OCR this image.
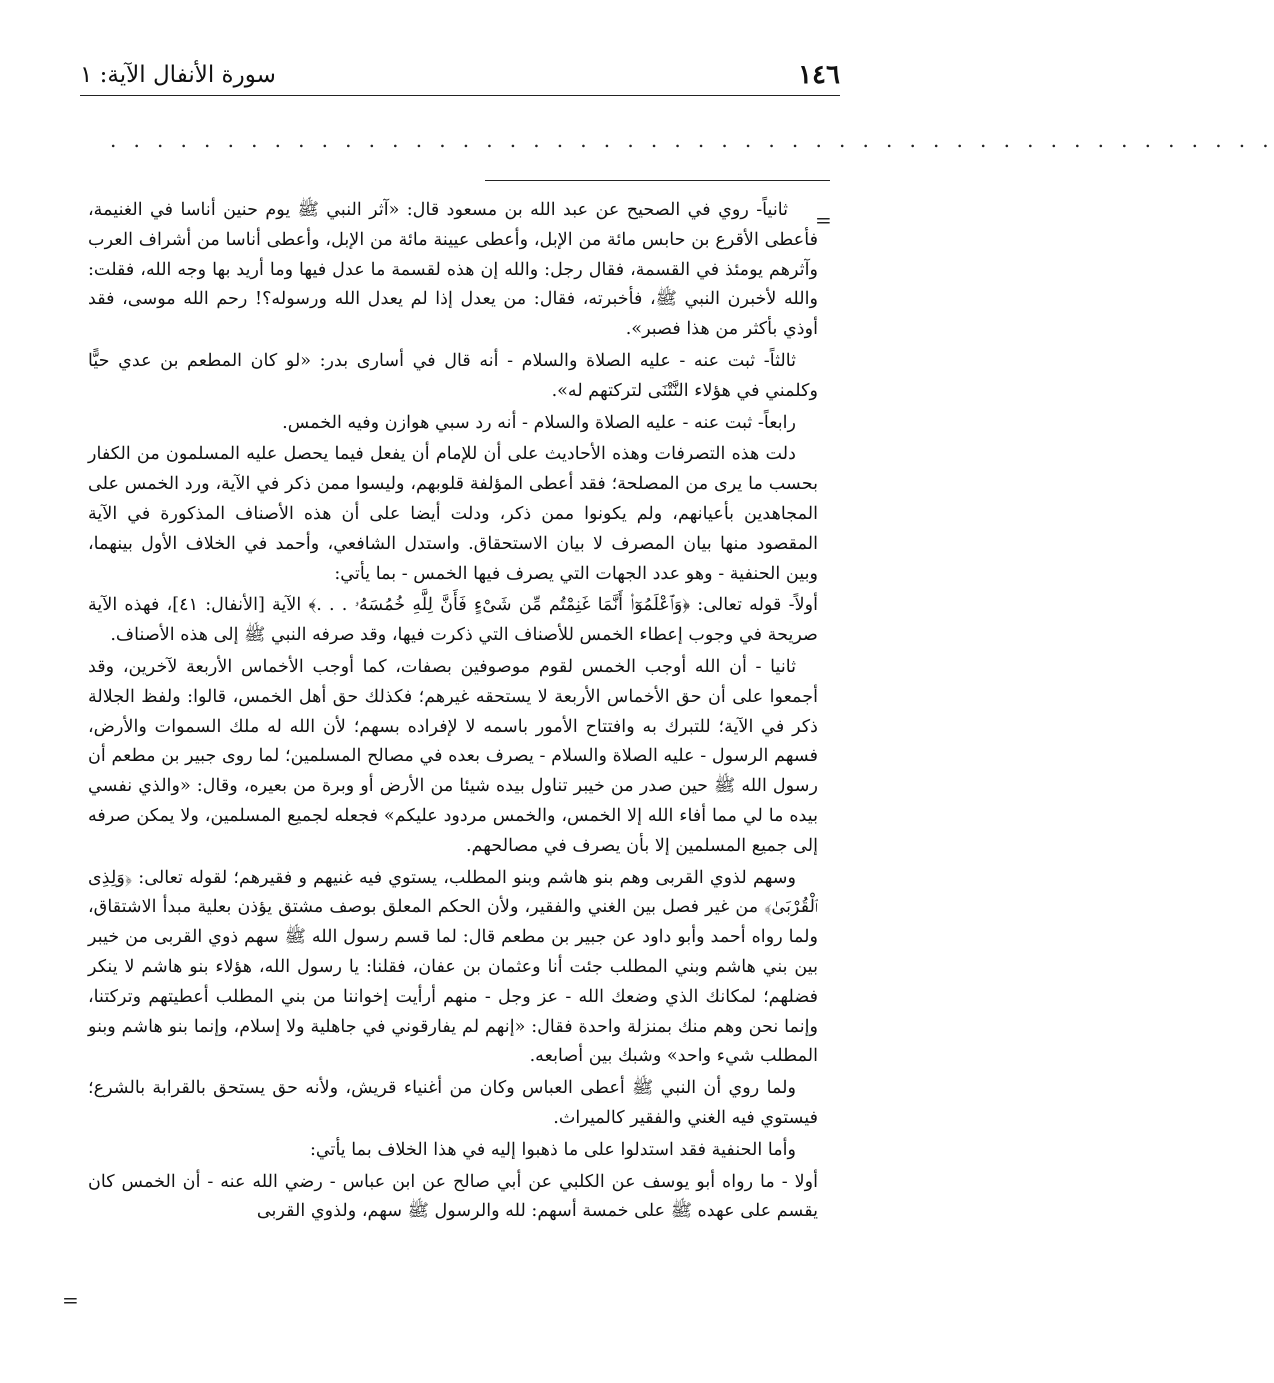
١٤٦
سورة الأنفال الآية: ١
. . . . . . . . . . . . . . . . . . . . . . . . . . . . . . . . . . . . . . . . . . . . . . . . . .
=
=

ثانياً- روي في الصحيح عن عبد الله بن مسعود قال: «آثر النبي ﷺ يوم حنين أناسا في الغنيمة، فأعطى الأقرع بن حابس مائة من الإبل، وأعطى عيينة مائة من الإبل، وأعطى أناسا من أشراف العرب وآثرهم يومئذ في القسمة، فقال رجل: والله إن هذه لقسمة ما عدل فيها وما أريد بها وجه الله، فقلت: والله لأخبرن النبي ﷺ، فأخبرته، فقال: من يعدل إذا لم يعدل الله ورسوله؟! رحم الله موسى، فقد أوذي بأكثر من هذا فصبر».

ثالثاً- ثبت عنه - عليه الصلاة والسلام - أنه قال في أسارى بدر: «لو كان المطعم بن عدي حيًّا وكلمني في هؤلاء النَّتْنَى لتركتهم له».

رابعاً- ثبت عنه - عليه الصلاة والسلام - أنه رد سبي هوازن وفيه الخمس.

دلت هذه التصرفات وهذه الأحاديث على أن للإمام أن يفعل فيما يحصل عليه المسلمون من الكفار بحسب ما يرى من المصلحة؛ فقد أعطى المؤلفة قلوبهم، وليسوا ممن ذكر في الآية، ورد الخمس على المجاهدين بأعيانهم، ولم يكونوا ممن ذكر، ودلت أيضا على أن هذه الأصناف المذكورة في الآية المقصود منها بيان المصرف لا بيان الاستحقاق. واستدل الشافعي، وأحمد في الخلاف الأول بينهما، وبين الحنفية - وهو عدد الجهات التي يصرف فيها الخمس - بما يأتي:

أولاً- قوله تعالى: ﴿وَٱعْلَمُوٓا۟ أَنَّمَا غَنِمْتُم مِّن شَىْءٍ فَأَنَّ لِلَّهِ خُمُسَهُۥ . . .﴾ الآية [الأنفال: ٤١]، فهذه الآية صريحة في وجوب إعطاء الخمس للأصناف التي ذكرت فيها، وقد صرفه النبي ﷺ إلى هذه الأصناف.

ثانيا - أن الله أوجب الخمس لقوم موصوفين بصفات، كما أوجب الأخماس الأربعة لآخرين، وقد أجمعوا على أن حق الأخماس الأربعة لا يستحقه غيرهم؛ فكذلك حق أهل الخمس، قالوا: ولفظ الجلالة ذكر في الآية؛ للتبرك به وافتتاح الأمور باسمه لا لإفراده بسهم؛ لأن الله له ملك السموات والأرض، فسهم الرسول - عليه الصلاة والسلام - يصرف بعده في مصالح المسلمين؛ لما روى جبير بن مطعم أن رسول الله ﷺ حين صدر من خيبر تناول بيده شيئا من الأرض أو وبرة من بعيره، وقال: «والذي نفسي بيده ما لي مما أفاء الله إلا الخمس، والخمس مردود عليكم» فجعله لجميع المسلمين، ولا يمكن صرفه إلى جميع المسلمين إلا بأن يصرف في مصالحهم.

وسهم لذوي القربى وهم بنو هاشم وبنو المطلب، يستوي فيه غنيهم و فقيرهم؛ لقوله تعالى: ﴿وَلِذِى ٱلْقُرْبَىٰ﴾ من غير فصل بين الغني والفقير، ولأن الحكم المعلق بوصف مشتق يؤذن بعلية مبدأ الاشتقاق، ولما رواه أحمد وأبو داود عن جبير بن مطعم قال: لما قسم رسول الله ﷺ سهم ذوي القربى من خيبر بين بني هاشم وبني المطلب جئت أنا وعثمان بن عفان، فقلنا: يا رسول الله، هؤلاء بنو هاشم لا ينكر فضلهم؛ لمكانك الذي وضعك الله - عز وجل - منهم أرأيت إخواننا من بني المطلب أعطيتهم وتركتنا، وإنما نحن وهم منك بمنزلة واحدة فقال: «إنهم لم يفارقوني في جاهلية ولا إسلام، وإنما بنو هاشم وبنو المطلب شيء واحد» وشبك بين أصابعه.

ولما روي أن النبي ﷺ أعطى العباس وكان من أغنياء قريش، ولأنه حق يستحق بالقرابة بالشرع؛ فيستوي فيه الغني والفقير كالميراث.

وأما الحنفية فقد استدلوا على ما ذهبوا إليه في هذا الخلاف بما يأتي:

أولا - ما رواه أبو يوسف عن الكلبي عن أبي صالح عن ابن عباس - رضي الله عنه - أن الخمس كان يقسم على عهده ﷺ على خمسة أسهم: لله والرسول ﷺ سهم، ولذوي القربى
